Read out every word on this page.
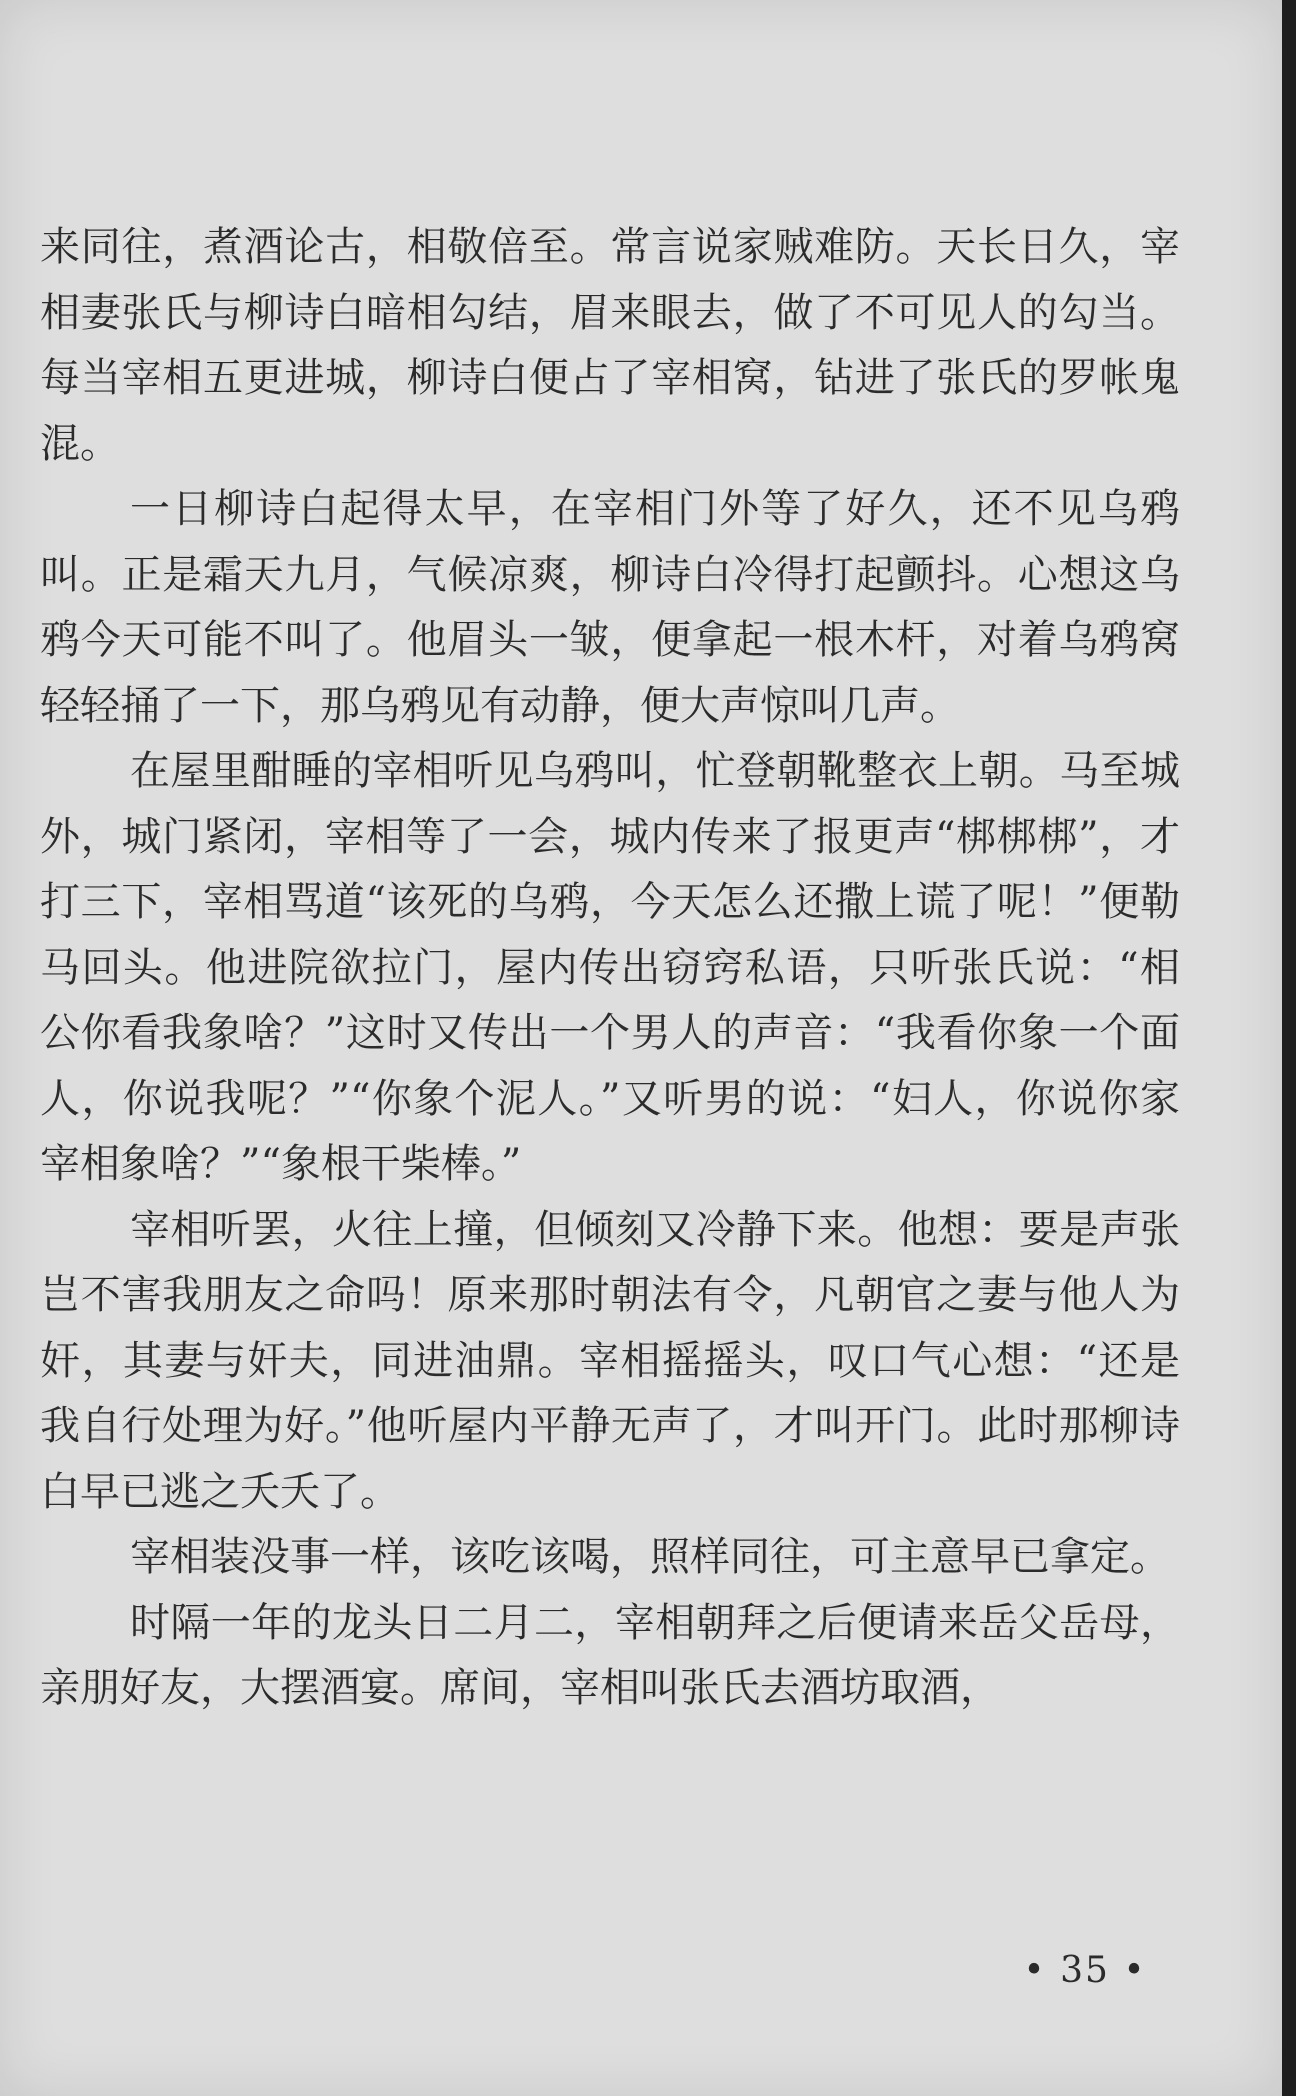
来同往，煮酒论古，相敬倍至。常言说家贼难防。天长日久，宰相妻张氏与柳诗白暗相勾结，眉来眼去，做了不可见人的勾当。每当宰相五更进城，柳诗白便占了宰相窝，钻进了张氏的罗帐鬼混。

一日柳诗白起得太早，在宰相门外等了好久，还不见乌鸦叫。正是霜天九月，气候凉爽，柳诗白冷得打起颤抖。心想这乌鸦今天可能不叫了。他眉头一皱，便拿起一根木杆，对着乌鸦窝轻轻捅了一下，那乌鸦见有动静，便大声惊叫几声。

在屋里酣睡的宰相听见乌鸦叫，忙登朝靴整衣上朝。马至城外，城门紧闭，宰相等了一会，城内传来了报更声“梆梆梆”，才打三下，宰相骂道“该死的乌鸦，今天怎么还撒上谎了呢！”便勒马回头。他进院欲拉门，屋内传出窃窍私语，只听张氏说：“相公你看我象啥？”这时又传出一个男人的声音：“我看你象一个面人，你说我呢？”“你象个泥人。”又听男的说：“妇人，你说你家宰相象啥？”“象根干柴棒。”

宰相听罢，火往上撞，但倾刻又冷静下来。他想：要是声张岂不害我朋友之命吗！原来那时朝法有令，凡朝官之妻与他人为奸，其妻与奸夫，同进油鼎。宰相摇摇头，叹口气心想：“还是我自行处理为好。”他听屋内平静无声了，才叫开门。此时那柳诗白早已逃之夭夭了。

宰相装没事一样，该吃该喝，照样同往，可主意早已拿定。

时隔一年的龙头日二月二，宰相朝拜之后便请来岳父岳母，亲朋好友，大摆酒宴。席间，宰相叫张氏去酒坊取酒，

• 35 •
